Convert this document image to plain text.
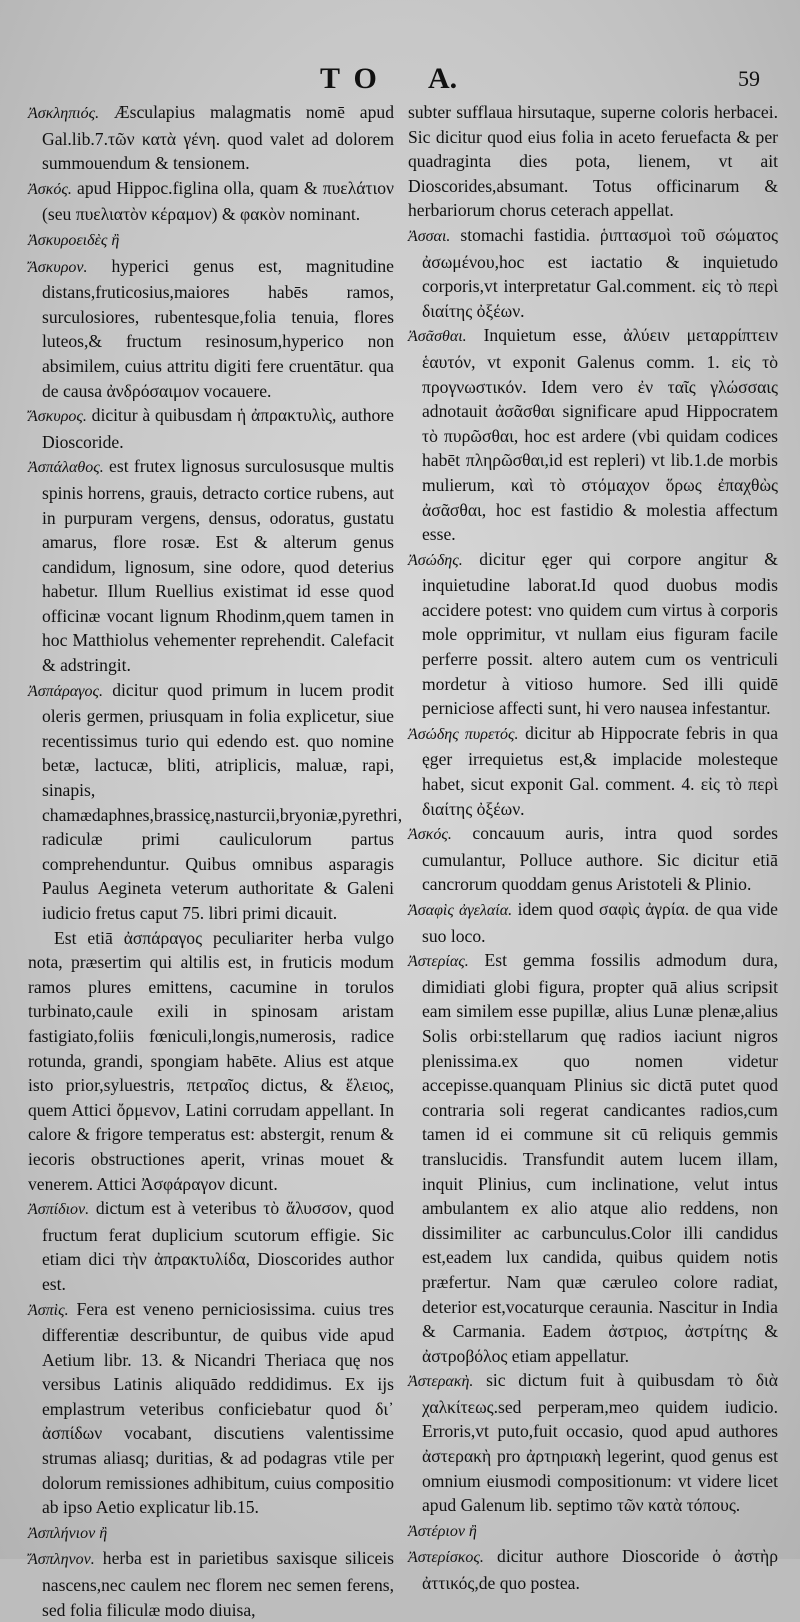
TO A.	59

Ἀσκληπιός. Æsculapius malagmatis nomē apud Gal.lib.7.τῶν κατὰ γένη. quod valet ad dolorem summouendum & tensionem.

Ἀσκός. apud Hippoc.figlina olla, quam & πυελάτιον (seu πυελιατὸν κέραμον) & φακὸν nominant.

Ἀσκυροειδὲς ἢ

Ἄσκυρον. hyperici genus est, magnitudine distans,fruticosius,maiores habēs ramos, surculosiores, rubentesque,folia tenuia, flores luteos,& fructum resinosum,hyperico non absimilem, cuius attritu digiti fere cruentātur. qua de causa ἀνδρόσαιμον vocauere.

Ἄσκυρος. dicitur à quibusdam ἡ ἀπρακτυλὶς, authore Dioscoride.

Ἀσπάλαθος. est frutex lignosus surculosusque multis spinis horrens, grauis, detracto cortice rubens, aut in purpuram vergens, densus, odoratus, gustatu amarus, flore rosæ. Est & alterum genus candidum, lignosum, sine odore, quod deterius habetur. Illum Ruellius existimat id esse quod officinæ vocant lignum Rhodinm,quem tamen in hoc Matthiolus vehementer reprehendit. Calefacit & adstringit.

Ἀσπάραγος. dicitur quod primum in lucem prodit oleris germen, priusquam in folia explicetur, siue recentissimus turio qui edendo est. quo nomine betæ, lactucæ, bliti, atriplicis, maluæ, rapi, sinapis, chamædaphnes,brassicę,nasturcii,bryoniæ,pyrethri, radiculæ primi cauliculorum partus comprehenduntur. Quibus omnibus asparagis Paulus Aegineta veterum authoritate & Galeni iudicio fretus caput 75. libri primi dicauit.

Est etiā ἀσπάραγος peculiariter herba vulgo nota, præsertim qui altilis est, in fruticis modum ramos plures emittens, cacumine in torulos turbinato,caule exili in spinosam aristam fastigiato,foliis fœniculi,longis,numerosis, radice rotunda, grandi, spongiam habēte. Alius est atque isto prior,syluestris, πετραῖος dictus, & ἕλειος, quem Attici ὄρμενον, Latini corrudam appellant. In calore & frigore temperatus est: abstergit, renum & iecoris obstructiones aperit, vrinas mouet & venerem. Attici Ἀσφάραγον dicunt.

Ἀσπίδιον. dictum est à veteribus τὸ ἄλυσσον, quod fructum ferat duplicium scutorum effigie. Sic etiam dici τὴν ἀπρακτυλίδα, Dioscorides author est.

Ἀσπὶς. Fera est veneno perniciosissima. cuius tres differentiæ describuntur, de quibus vide apud Aetium libr. 13. & Nicandri Theriaca quę nos versibus Latinis aliquādo reddidimus. Ex ijs emplastrum veteribus conficiebatur quod δι᾽ ἀσπίδων vocabant, discutiens valentissime strumas aliasq; duritias, & ad podagras vtile per dolorum remissiones adhibitum, cuius compositio ab ipso Aetio explicatur lib.15.

Ἀσπλήνιον ἢ

Ἄσπληνον. herba est in parietibus saxisque siliceis nascens,nec caulem nec florem nec semen ferens, sed folia filiculæ modo diuisa,

subter sufflaua hirsutaque, superne coloris herbacei. Sic dicitur quod eius folia in aceto feruefacta & per quadraginta dies pota, lienem, vt ait Dioscorides,absumant. Totus officinarum & herbariorum chorus ceterach appellat.

Ἀσσαι. stomachi fastidia. ῥιπτασμοὶ τοῦ σώματος ἀσωμένου,hoc est iactatio & inquietudo corporis,vt interpretatur Gal.comment. εἰς τὸ περὶ διαίτης ὀξέων.

Ἀσᾶσθαι. Inquietum esse, ἀλύειν μεταρρίπτειν ἑαυτόν, vt exponit Galenus comm. 1. εἰς τὸ προγνωστικόν. Idem vero ἐν ταῖς γλώσσαις adnotauit ἀσᾶσθαι significare apud Hippocratem τὸ πυρῶσθαι, hoc est ardere (vbi quidam codices habēt πληρῶσθαι,id est repleri) vt lib.1.de morbis mulierum, καὶ τὸ στόμαχον ὅρως ἐπαχθὼς ἀσᾶσθαι, hoc est fastidio & molestia affectum esse.

Ἀσώδης. dicitur ęger qui corpore angitur & inquietudine laborat.Id quod duobus modis accidere potest: vno quidem cum virtus à corporis mole opprimitur, vt nullam eius figuram facile perferre possit. altero autem cum os ventriculi mordetur à vitioso humore. Sed illi quidē perniciose affecti sunt, hi vero nausea infestantur.

Ἀσώδης πυρετός. dicitur ab Hippocrate febris in qua ęger irrequietus est,& implacide molesteque habet, sicut exponit Gal. comment. 4. εἰς τὸ περὶ διαίτης ὀξέων.

Ἀσκός. concauum auris, intra quod sordes cumulantur, Polluce authore. Sic dicitur etiā cancrorum quoddam genus Aristoteli & Plinio.

Ἀσαφὶς ἀγελαία. idem quod σαφὶς ἀγρία. de qua vide suo loco.

Ἀστερίας. Est gemma fossilis admodum dura, dimidiati globi figura, propter quā alius scripsit eam similem esse pupillæ, alius Lunæ plenæ,alius Solis orbi:stellarum quę radios iaciunt nigros plenissima.ex quo nomen videtur accepisse.quanquam Plinius sic dictā putet quod contraria soli regerat candicantes radios,cum tamen id ei commune sit cū reliquis gemmis translucidis. Transfundit autem lucem illam, inquit Plinius, cum inclinatione, velut intus ambulantem ex alio atque alio reddens, non dissimiliter ac carbunculus.Color illi candidus est,eadem lux candida, quibus quidem notis præfertur. Nam quæ cæruleo colore radiat, deterior est,vocaturque ceraunia. Nascitur in India & Carmania. Eadem ἀστριος, ἀστρίτης & ἀστροβόλος etiam appellatur.

Ἀστερακὴ. sic dictum fuit à quibusdam τὸ διὰ χαλκίτεως.sed perperam,meo quidem iudicio. Erroris,vt puto,fuit occasio, quod apud authores ἀστερακὴ pro ἀρτηριακὴ legerint, quod genus est omnium eiusmodi compositionum: vt videre licet apud Galenum lib. septimo τῶν κατὰ τόπους.

Ἀστέριον ἢ

Ἀστερίσκος. dicitur authore Dioscoride ὁ ἀστὴρ ἀττικός,de quo postea.
